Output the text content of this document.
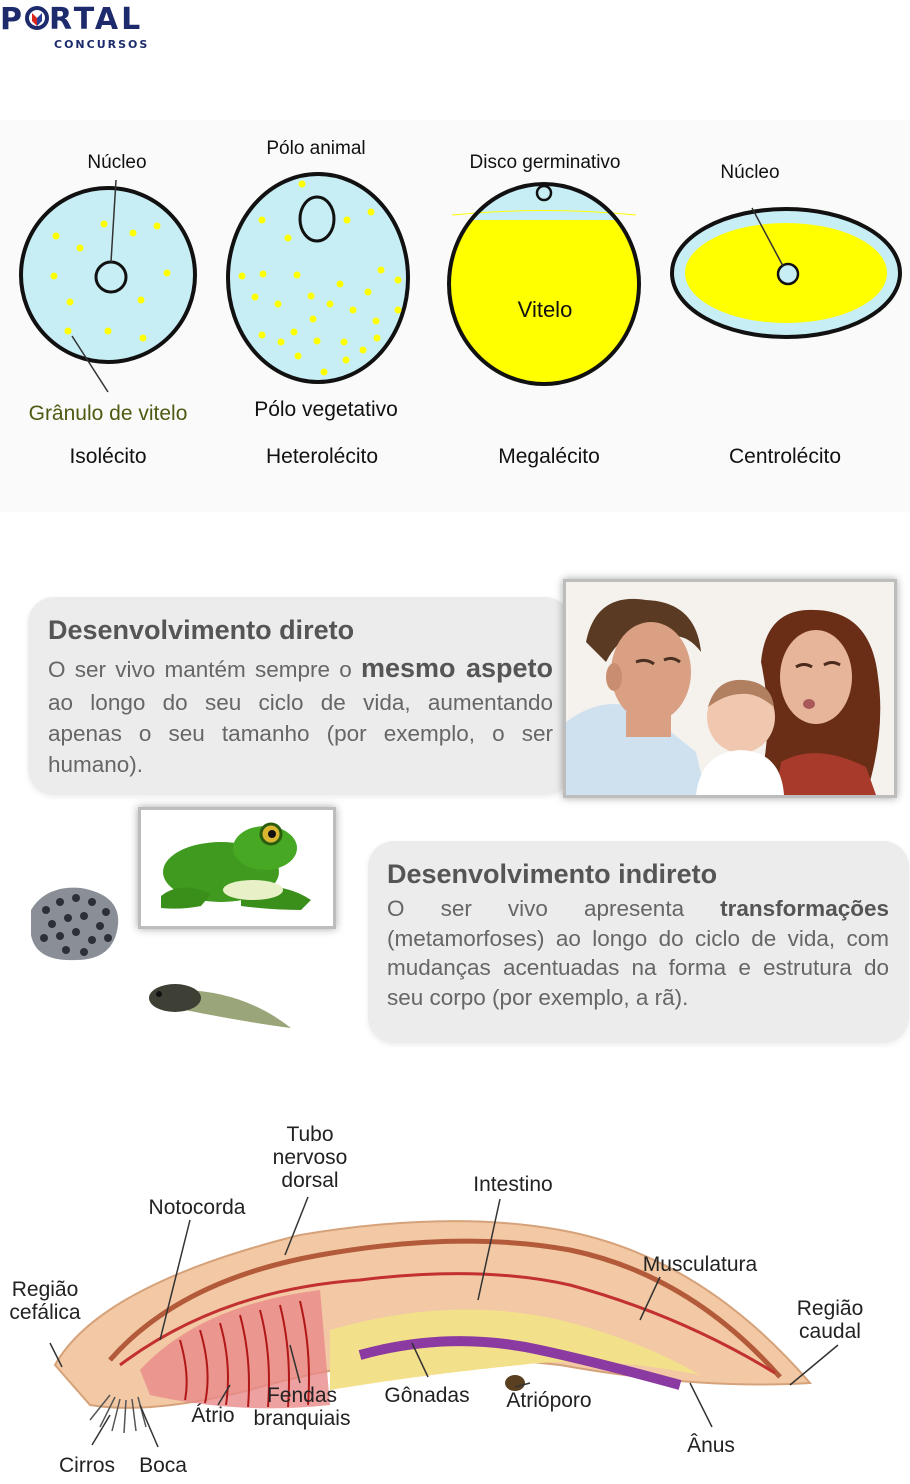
P RTAL
CONCURSOS
Núcleo
Grânulo de vitelo
Isolécito
Pólo animal
Pólo vegetativo
Heterolécito
Disco germinativo
Vitelo
Megalécito
Núcleo
Centrolécito
Desenvolvimento direto

O ser vivo mantém sempre o mesmo aspeto ao longo do seu ciclo de vida, aumentando apenas o seu tamanho (por exemplo, o ser humano).

Desenvolvimento indireto

O ser vivo apresenta transformações (metamorfoses) ao longo do ciclo de vida, com mudanças acentuadas na forma e estrutura do seu corpo (por exemplo, a rã).

Tubo
nervoso
dorsal	Intestino
Notocorda
Musculatura
Região
cefálica	Região
caudal
Fendas
branquiais
Gônadas Atrióporo
Átrio
Ânus
Cirros Boca
